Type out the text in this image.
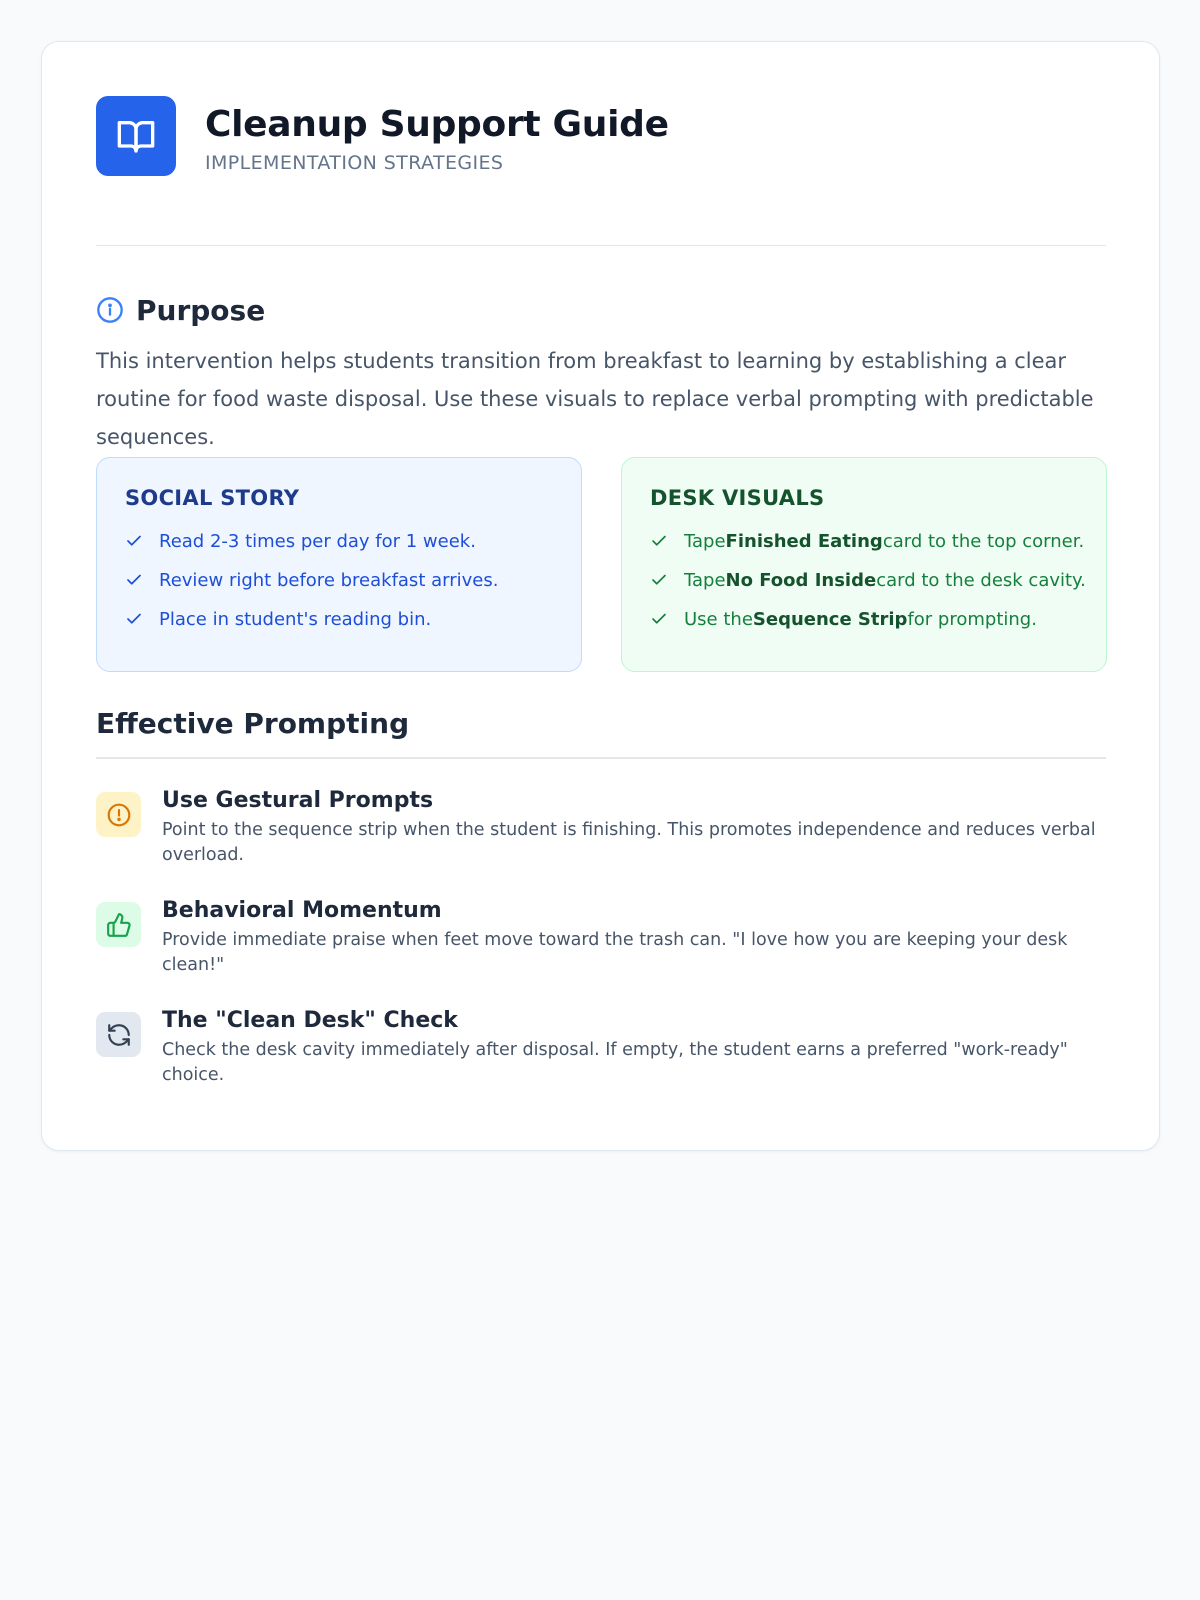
Cleanup Support Guide
IMPLEMENTATION STRATEGIES
Purpose

This intervention helps students transition from breakfast to learning by establishing a clear routine for food waste disposal. Use these visuals to replace verbal prompting with predictable sequences.

SOCIAL STORY
Read 2-3 times per day for 1 week.
Review right before breakfast arrives.
Place in student's reading bin.
DESK VISUALS
Tape Finished Eating card to the top corner.
Tape No Food Inside card to the desk cavity.
Use the Sequence Strip for prompting.
Effective Prompting
Use Gestural Prompts
Point to the sequence strip when the student is finishing. This promotes independence and reduces verbal overload.
Behavioral Momentum
Provide immediate praise when feet move toward the trash can. "I love how you are keeping your desk clean!"
The "Clean Desk" Check
Check the desk cavity immediately after disposal. If empty, the student earns a preferred "work-ready" choice.
